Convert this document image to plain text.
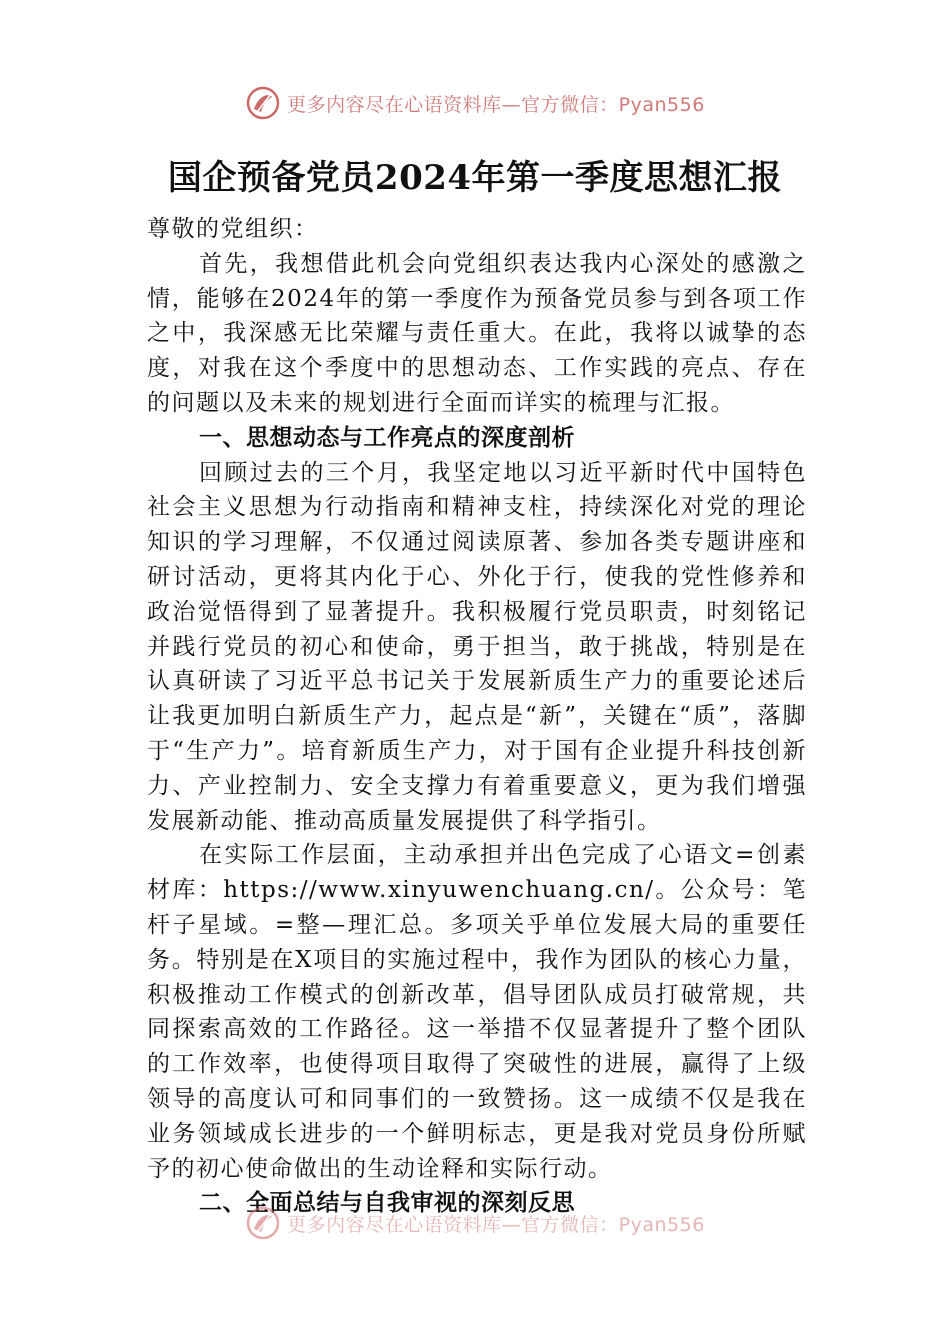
更多内容尽在心语资料库—官方微信：Pyan556
国企预备党员2024年第一季度思想汇报

尊敬的党组织：

首先，我想借此机会向党组织表达我内心深处的感激之情，能够在2024年的第一季度作为预备党员参与到各项工作之中，我深感无比荣耀与责任重大。在此，我将以诚挚的态度，对我在这个季度中的思想动态、工作实践的亮点、存在的问题以及未来的规划进行全面而详实的梳理与汇报。

一、思想动态与工作亮点的深度剖析

回顾过去的三个月，我坚定地以习近平新时代中国特色社会主义思想为行动指南和精神支柱，持续深化对党的理论知识的学习理解，不仅通过阅读原著、参加各类专题讲座和研讨活动，更将其内化于心、外化于行，使我的党性修养和政治觉悟得到了显著提升。我积极履行党员职责，时刻铭记并践行党员的初心和使命，勇于担当，敢于挑战，特别是在认真研读了习近平总书记关于发展新质生产力的重要论述后让我更加明白新质生产力，起点是“新”，关键在“质”，落脚于“生产力”。培育新质生产力，对于国有企业提升科技创新力、产业控制力、安全支撑力有着重要意义，更为我们增强发展新动能、推动高质量发展提供了科学指引。

在实际工作层面，主动承担并出色完成了心语文=创素材库：https://www.xinyuwenchuang.cn/。公众号：笔杆子星域。=整—理汇总。多项关乎单位发展大局的重要任务。特别是在X项目的实施过程中，我作为团队的核心力量，积极推动工作模式的创新改革，倡导团队成员打破常规，共同探索高效的工作路径。这一举措不仅显著提升了整个团队的工作效率，也使得项目取得了突破性的进展，赢得了上级领导的高度认可和同事们的一致赞扬。这一成绩不仅是我在业务领域成长进步的一个鲜明标志，更是我对党员身份所赋予的初心使命做出的生动诠释和实际行动。

二、全面总结与自我审视的深刻反思

更多内容尽在心语资料库—官方微信：Pyan556
